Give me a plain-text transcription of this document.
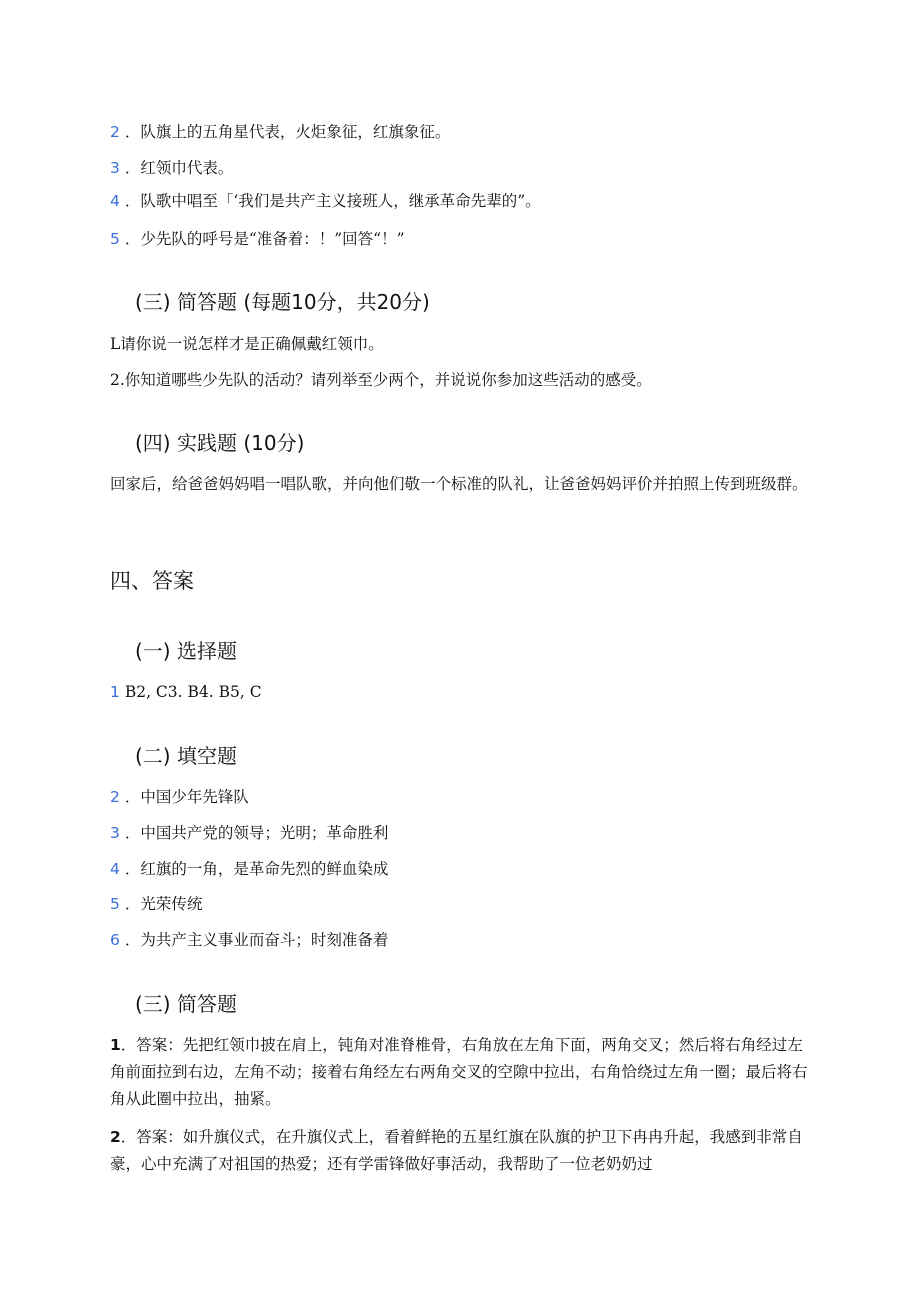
2 ．队旗上的五角星代表，火炬象征，红旗象征。
3 ．红领巾代表。
4 ．队歌中唱至「‘我们是共产主义接班人，继承革命先辈的”。
5 ．少先队的呼号是“准备着：！”回答“！”
(三) 简答题 (每题10分，共20分)
L请你说一说怎样才是正确佩戴红领巾。
2.你知道哪些少先队的活动？请列举至少两个，并说说你参加这些活动的感受。
(四) 实践题 (10分)
回家后，给爸爸妈妈唱一唱队歌，并向他们敬一个标准的队礼，让爸爸妈妈评价并拍照上传到班级群。
四、答案
(一) 选择题
1 B2, C3. B4. B5, C
(二) 填空题
2 ．中国少年先锋队
3 ．中国共产党的领导；光明；革命胜利
4 ．红旗的一角，是革命先烈的鲜血染成
5 ．光荣传统
6 ．为共产主义事业而奋斗；时刻准备着
(三) 简答题
1．答案：先把红领巾披在肩上，钝角对准脊椎骨，右角放在左角下面，两角交叉；然后将右角经过左角前面拉到右边，左角不动；接着右角经左右两角交叉的空隙中拉出，右角恰绕过左角一圈；最后将右角从此圈中拉出，抽紧。
2．答案：如升旗仪式，在升旗仪式上，看着鲜艳的五星红旗在队旗的护卫下冉冉升起，我感到非常自豪，心中充满了对祖国的热爱；还有学雷锋做好事活动，我帮助了一位老奶奶过
